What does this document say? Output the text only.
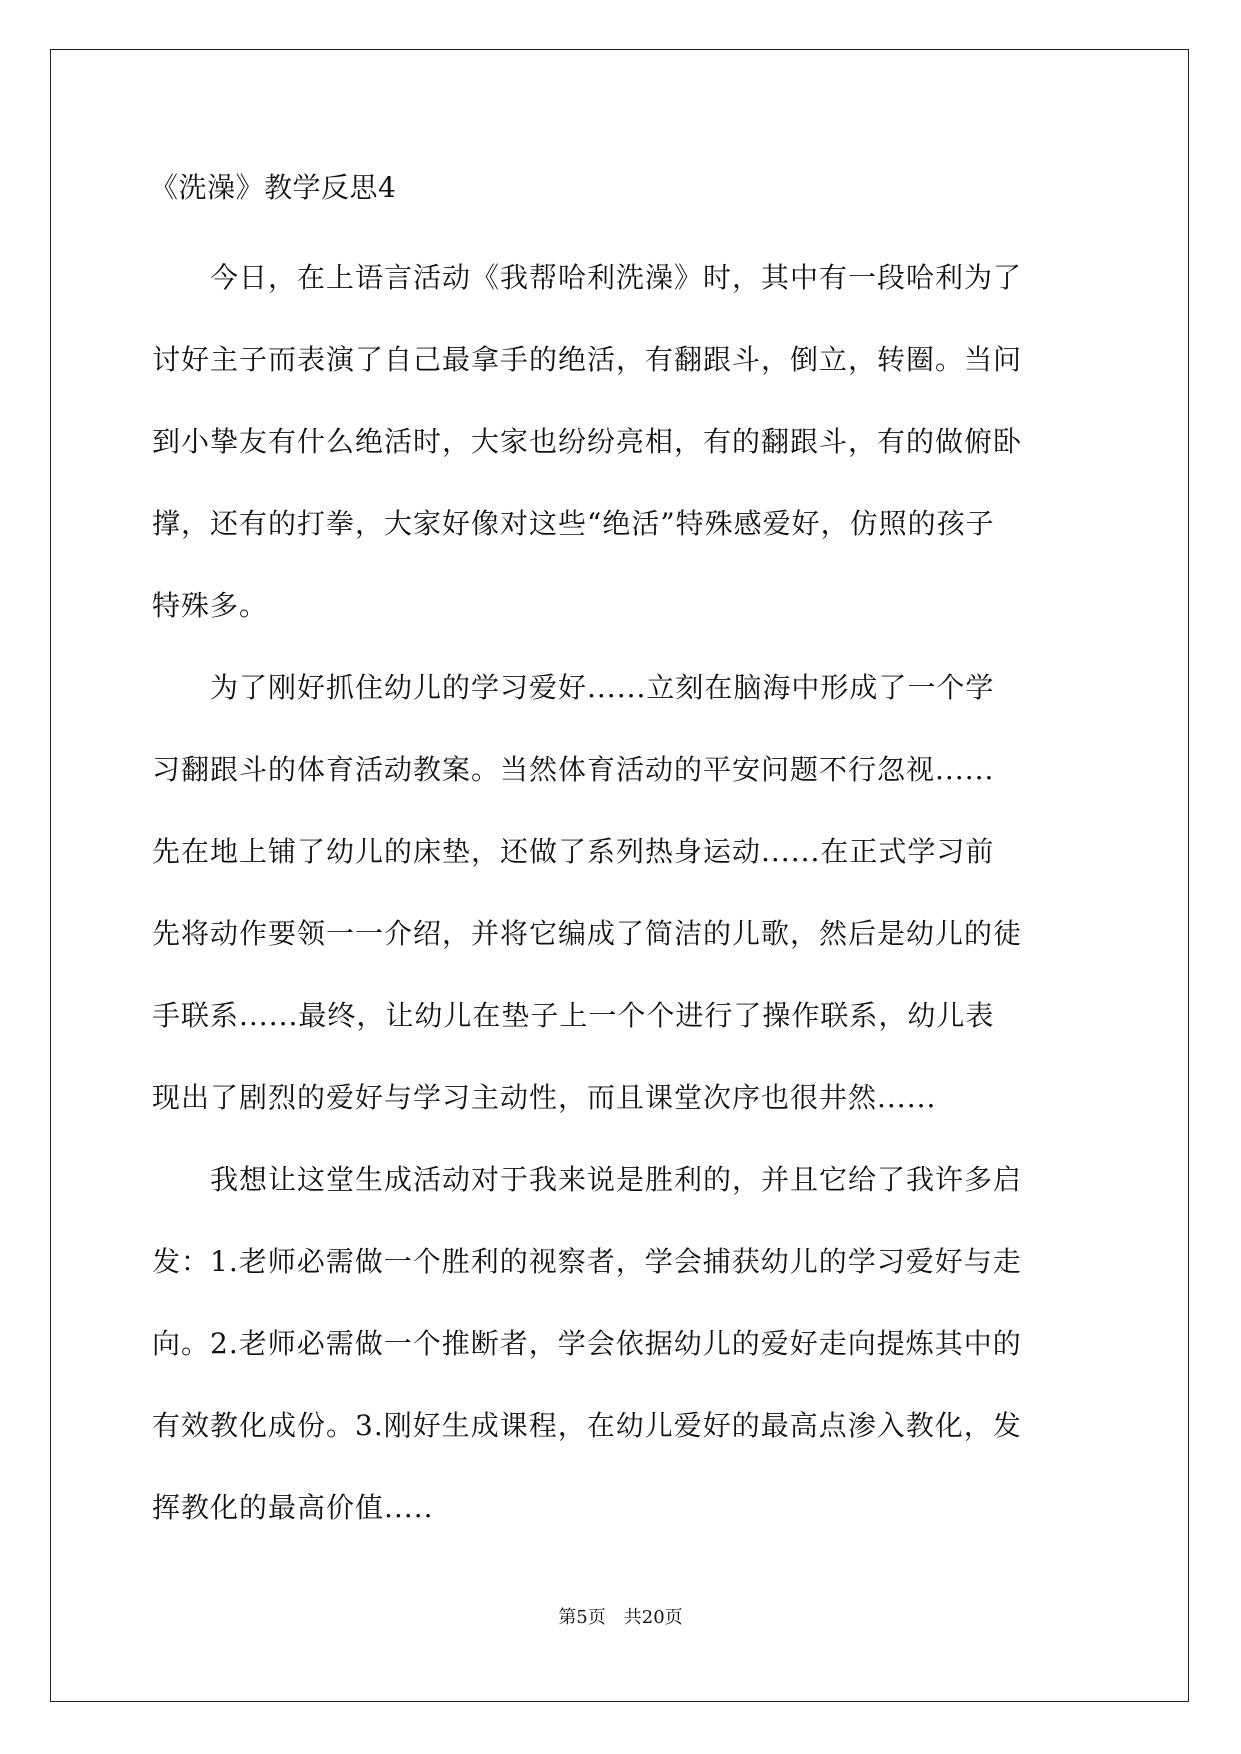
《洗澡》教学反思4
　　今日，在上语言活动《我帮哈利洗澡》时，其中有一段哈利为了
讨好主子而表演了自己最拿手的绝活，有翻跟斗，倒立，转圈。当问
到小挚友有什么绝活时，大家也纷纷亮相，有的翻跟斗，有的做俯卧
撑，还有的打拳，大家好像对这些“绝活”特殊感爱好，仿照的孩子
特殊多。
　　为了刚好抓住幼儿的学习爱好......立刻在脑海中形成了一个学
习翻跟斗的体育活动教案。当然体育活动的平安问题不行忽视......
先在地上铺了幼儿的床垫，还做了系列热身运动......在正式学习前
先将动作要领一一介绍，并将它编成了简洁的儿歌，然后是幼儿的徒
手联系......最终，让幼儿在垫子上一个个进行了操作联系，幼儿表
现出了剧烈的爱好与学习主动性，而且课堂次序也很井然......
　　我想让这堂生成活动对于我来说是胜利的，并且它给了我许多启
发：1.老师必需做一个胜利的视察者，学会捕获幼儿的学习爱好与走
向。2.老师必需做一个推断者，学会依据幼儿的爱好走向提炼其中的
有效教化成份。3.刚好生成课程，在幼儿爱好的最高点渗入教化，发
挥教化的最高价值.....
第5页　共20页
